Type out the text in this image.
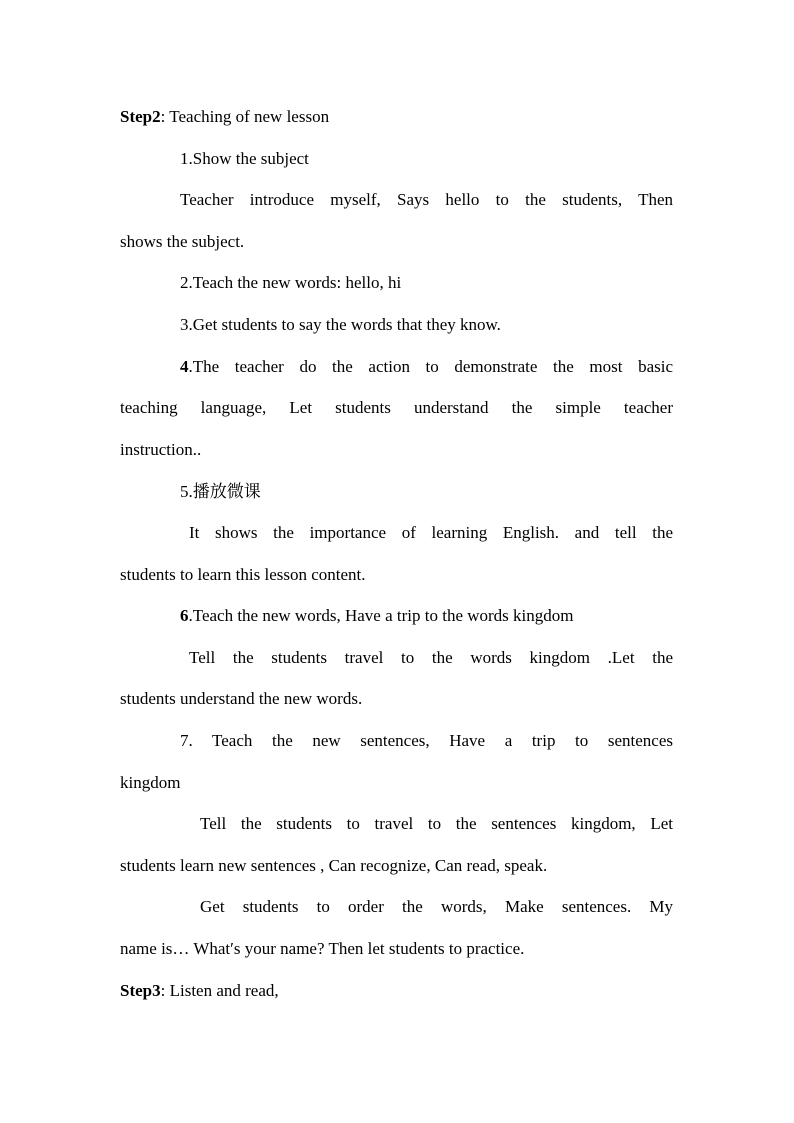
Step2: Teaching of new lesson
1.Show the subject
Teacher introduce myself, Says hello to the students, Then
shows the subject.
2.Teach the new words: hello, hi
3.Get students to say the words that they know.
4.The teacher do the action to demonstrate the most basic
teaching language, Let students understand the simple teacher
instruction..
5.播放微课
It shows the importance of learning English. and tell the
students to learn this lesson content.
6.Teach the new words, Have a trip to the words kingdom
Tell the students travel to the words kingdom .Let the
students understand the new words.
7. Teach the new sentences, Have a trip to sentences
kingdom
Tell the students to travel to the sentences kingdom, Let
students learn new sentences , Can recognize, Can read, speak.
Get students to order the words, Make sentences. My
name is… What′s your name? Then let students to practice.
Step3: Listen and read,
